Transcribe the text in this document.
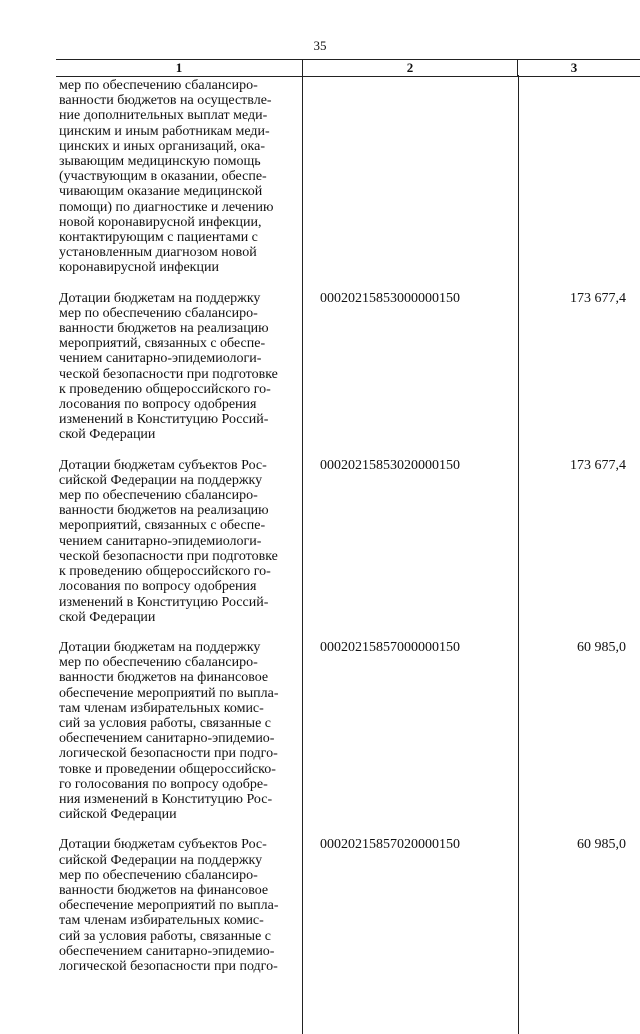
35
1	2	3
мер по обеспечению сбалансиро-
ванности бюджетов на осуществле-
ние дополнительных выплат меди-
цинским и иным работникам меди-
цинских и иных организаций, ока-
зывающим медицинскую помощь
(участвующим в оказании, обеспе-
чивающим оказание медицинской
помощи) по диагностике и лечению
новой коронавирусной инфекции,
контактирующим с пациентами с
установленным диагнозом новой
коронавирусной инфекции
Дотации бюджетам на поддержку
мер по обеспечению сбалансиро-
ванности бюджетов на реализацию
мероприятий, связанных с обеспе-
чением санитарно-эпидемиологи-
ческой безопасности при подготовке
к проведению общероссийского го-
лосования по вопросу одобрения
изменений в Конституцию Россий-
ской Федерации
00020215853000000150	173 677,4
Дотации бюджетам субъектов Рос-
сийской Федерации на поддержку
мер по обеспечению сбалансиро-
ванности бюджетов на реализацию
мероприятий, связанных с обеспе-
чением санитарно-эпидемиологи-
ческой безопасности при подготовке
к проведению общероссийского го-
лосования по вопросу одобрения
изменений в Конституцию Россий-
ской Федерации
00020215853020000150	173 677,4
Дотации бюджетам на поддержку
мер по обеспечению сбалансиро-
ванности бюджетов на финансовое
обеспечение мероприятий по выпла-
там членам избирательных комис-
сий за условия работы, связанные с
обеспечением санитарно-эпидемио-
логической безопасности при подго-
товке и проведении общероссийско-
го голосования по вопросу одобре-
ния изменений в Конституцию Рос-
сийской Федерации
00020215857000000150	60 985,0
Дотации бюджетам субъектов Рос-
сийской Федерации на поддержку
мер по обеспечению сбалансиро-
ванности бюджетов на финансовое
обеспечение мероприятий по выпла-
там членам избирательных комис-
сий за условия работы, связанные с
обеспечением санитарно-эпидемио-
логической безопасности при подго-
00020215857020000150	60 985,0
